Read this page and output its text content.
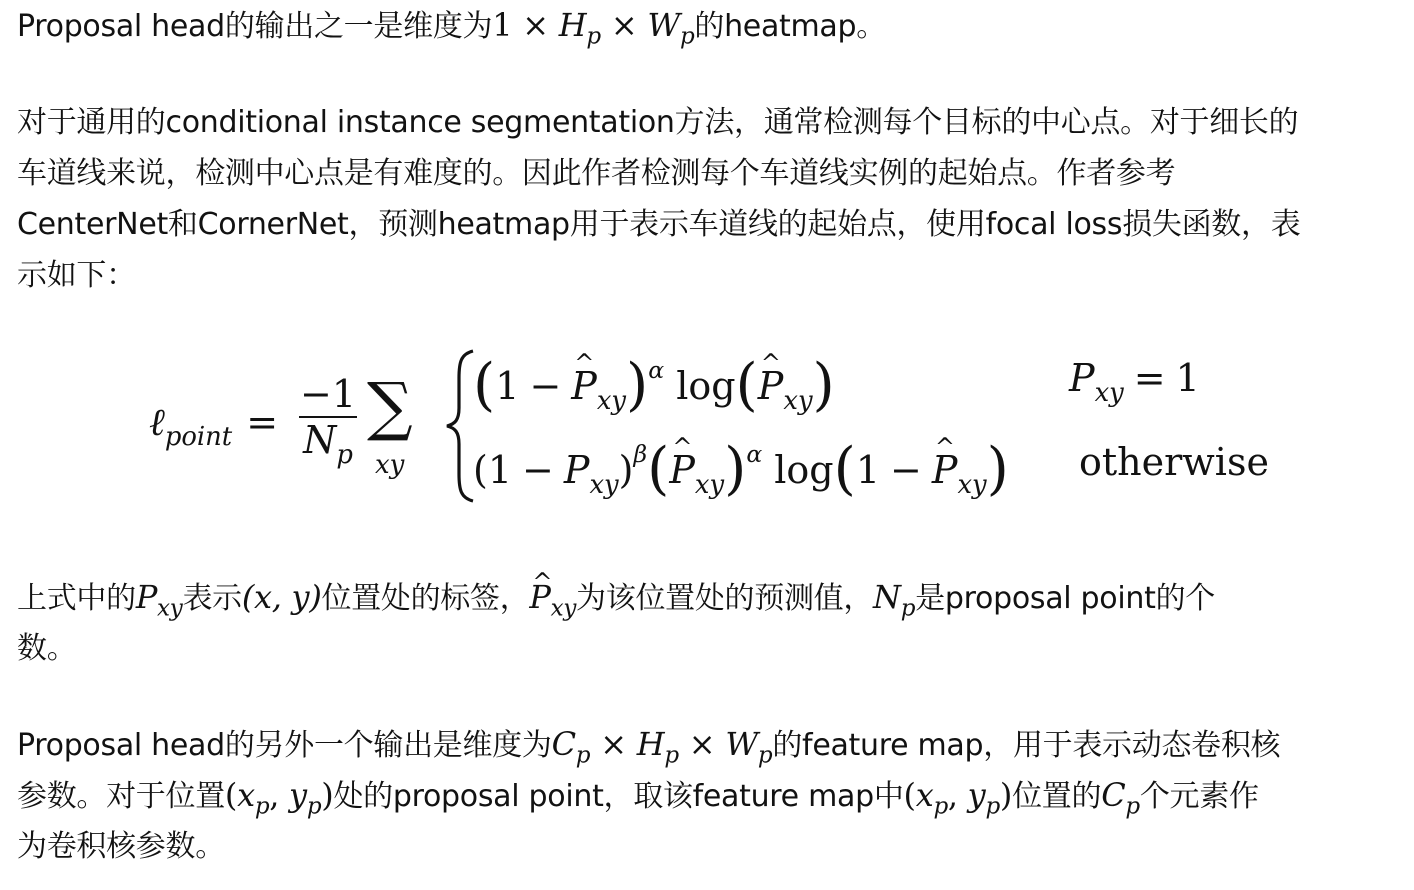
Proposal head的输出之一是维度为$1 \times H_p \times W_p$的heatmap。
对于通用的conditional instance segmentation方法，通常检测每个目标的中心点。对于细长的
车道线来说，检测中心点是有难度的。因此作者检测每个车道线实例的起始点。作者参考
CenterNet和CornerNet，预测heatmap用于表示车道线的起始点，使用focal loss损失函数，表
示如下：
ℓ$_{point}$ =
−1
$N_p$
∑
xy
(1 − ^ $P_{xy})^\alpha$ log(^ $P_{xy}$)	$P_{xy} = 1$
$(1 - P_{xy})^\beta(\^{}$ $P_{xy})^\alpha$ log(1 − ^ $P_{xy}$) otherwise
上式中的$P_{xy}$表示(x, y)位置处的标签，^ $P_{xy}$为该位置处的预测值，$N_p$是proposal point的个
数。
Proposal head的另外一个输出是维度为$C_p \times H_p \times W_p$的feature map，用于表示动态卷积核
参数。对于位置($x_p$, $y_p$)处的proposal point，取该feature map中($x_p$, $y_p$)位置的$C_p$个元素作
为卷积核参数。
